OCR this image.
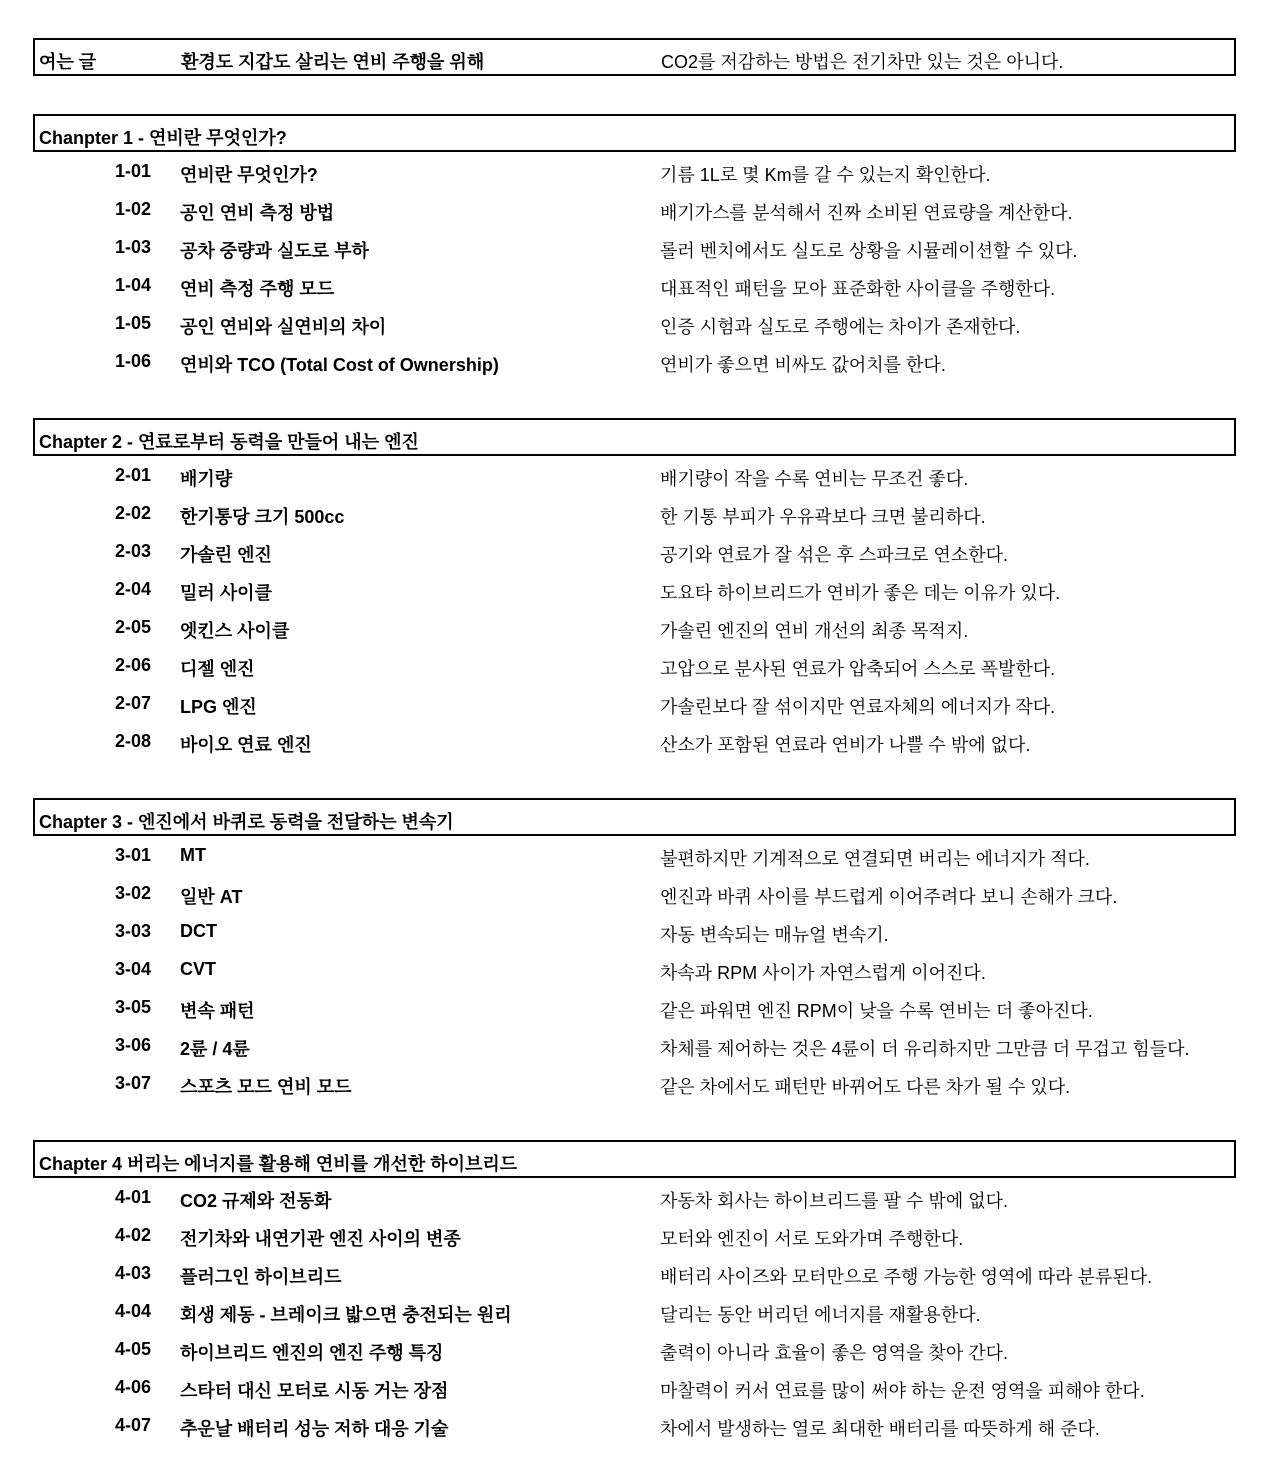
여는 글	환경도 지갑도 살리는 연비 주행을 위해	CO2를 저감하는 방법은 전기차만 있는 것은 아니다.
Chanpter 1 - 연비란 무엇인가?
1-01 연비란 무엇인가?	기름 1L로 몇 Km를 갈 수 있는지 확인한다.
1-02 공인 연비 측정 방법	배기가스를 분석해서 진짜 소비된 연료량을 계산한다.
1-03 공차 중량과 실도로 부하	롤러 벤치에서도 실도로 상황을 시뮬레이션할 수 있다.
1-04 연비 측정 주행 모드	대표적인 패턴을 모아 표준화한 사이클을 주행한다.
1-05 공인 연비와 실연비의 차이	인증 시험과 실도로 주행에는 차이가 존재한다.
1-06 연비와 TCO (Total Cost of Ownership)	연비가 좋으면 비싸도 값어치를 한다.
Chapter 2 - 연료로부터 동력을 만들어 내는 엔진
2-01 배기량	배기량이 작을 수록 연비는 무조건 좋다.
2-02 한기통당 크기 500cc	한 기통 부피가 우유곽보다 크면 불리하다.
2-03 가솔린 엔진	공기와 연료가 잘 섞은 후 스파크로 연소한다.
2-04 밀러 사이클	도요타 하이브리드가 연비가 좋은 데는 이유가 있다.
2-05 엣킨스 사이클	가솔린 엔진의 연비 개선의 최종 목적지.
2-06 디젤 엔진	고압으로 분사된 연료가 압축되어 스스로 폭발한다.
2-07 LPG 엔진	가솔린보다 잘 섞이지만 연료자체의 에너지가 작다.
2-08 바이오 연료 엔진	산소가 포함된 연료라 연비가 나쁠 수 밖에 없다.
Chapter 3 - 엔진에서 바퀴로 동력을 전달하는 변속기
3-01 MT	불편하지만 기계적으로 연결되면 버리는 에너지가 적다.
3-02 일반 AT	엔진과 바퀴 사이를 부드럽게 이어주려다 보니 손해가 크다.
3-03 DCT	자동 변속되는 매뉴얼 변속기.
3-04 CVT	차속과 RPM 사이가 자연스럽게 이어진다.
3-05 변속 패턴	같은 파워면 엔진 RPM이 낮을 수록 연비는 더 좋아진다.
3-06 2륜 / 4륜	차체를 제어하는 것은 4륜이 더 유리하지만 그만큼 더 무겁고 힘들다.
3-07 스포츠 모드 연비 모드	같은 차에서도 패턴만 바뀌어도 다른 차가 될 수 있다.
Chapter 4 버리는 에너지를 활용해 연비를 개선한 하이브리드
4-01 CO2 규제와 전동화	자동차 회사는 하이브리드를 팔 수 밖에 없다.
4-02 전기차와 내연기관 엔진 사이의 변종	모터와 엔진이 서로 도와가며 주행한다.
4-03 플러그인 하이브리드	배터리 사이즈와 모터만으로 주행 가능한 영역에 따라 분류된다.
4-04 회생 제동 - 브레이크 밟으면 충전되는 원리	달리는 동안 버리던 에너지를 재활용한다.
4-05 하이브리드 엔진의 엔진 주행 특징	출력이 아니라 효율이 좋은 영역을 찾아 간다.
4-06 스타터 대신 모터로 시동 거는 장점	마찰력이 커서 연료를 많이 써야 하는 운전 영역을 피해야 한다.
4-07 추운날 배터리 성능 저하 대응 기술	차에서 발생하는 열로 최대한 배터리를 따뜻하게 해 준다.
